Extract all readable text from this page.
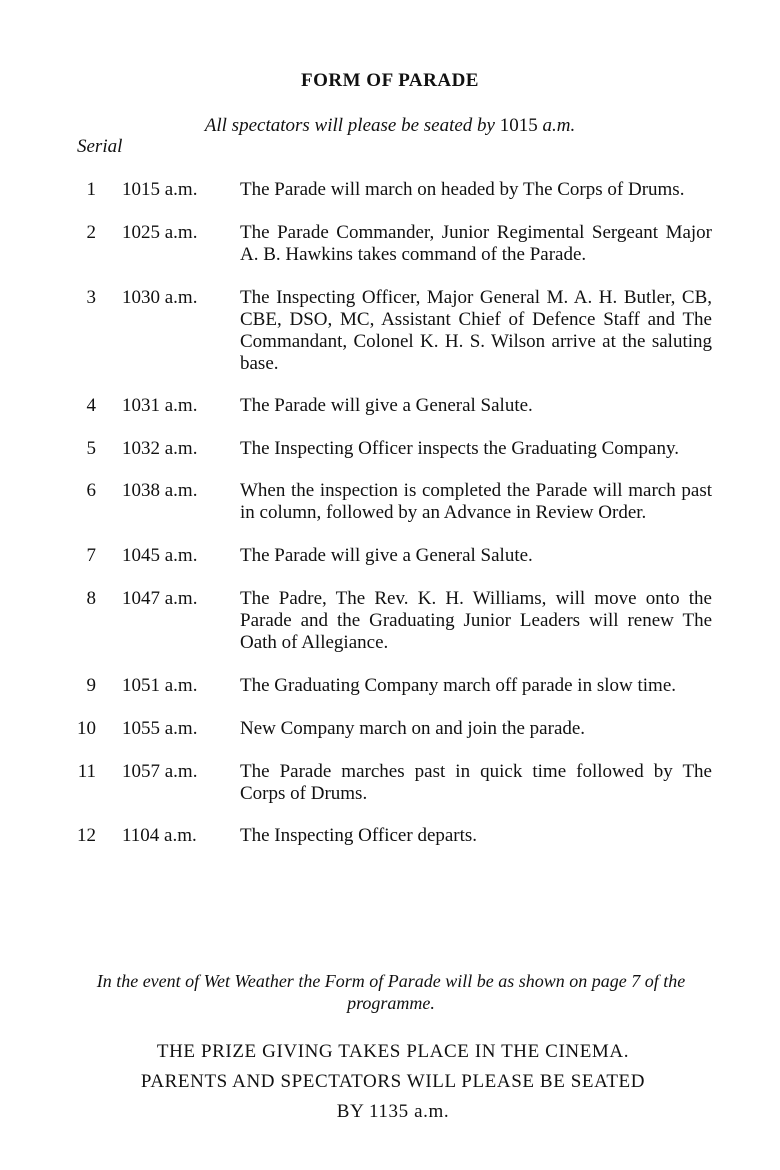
FORM OF PARADE
All spectators will please be seated by 1015 a.m.
Serial
1 1015 a.m. The Parade will march on headed by The Corps of Drums.
2 1025 a.m. The Parade Commander, Junior Regimental Sergeant Major A. B. Hawkins takes command of the Parade.
3 1030 a.m. The Inspecting Officer, Major General M. A. H. Butler, CB, CBE, DSO, MC, Assistant Chief of Defence Staff and The Commandant, Colonel K. H. S. Wilson arrive at the saluting base.
4 1031 a.m. The Parade will give a General Salute.
5 1032 a.m. The Inspecting Officer inspects the Graduating Company.
6 1038 a.m. When the inspection is completed the Parade will march past in column, followed by an Advance in Review Order.
7 1045 a.m. The Parade will give a General Salute.
8 1047 a.m. The Padre, The Rev. K. H. Williams, will move onto the Parade and the Graduating Junior Leaders will renew The Oath of Allegiance.
9 1051 a.m. The Graduating Company march off parade in slow time.
10 1055 a.m. New Company march on and join the parade.
11 1057 a.m. The Parade marches past in quick time followed by The Corps of Drums.
12 1104 a.m. The Inspecting Officer departs.
In the event of Wet Weather the Form of Parade will be as shown on page 7 of the programme.
THE PRIZE GIVING TAKES PLACE IN THE CINEMA.
PARENTS AND SPECTATORS WILL PLEASE BE SEATED
BY 1135 a.m.
